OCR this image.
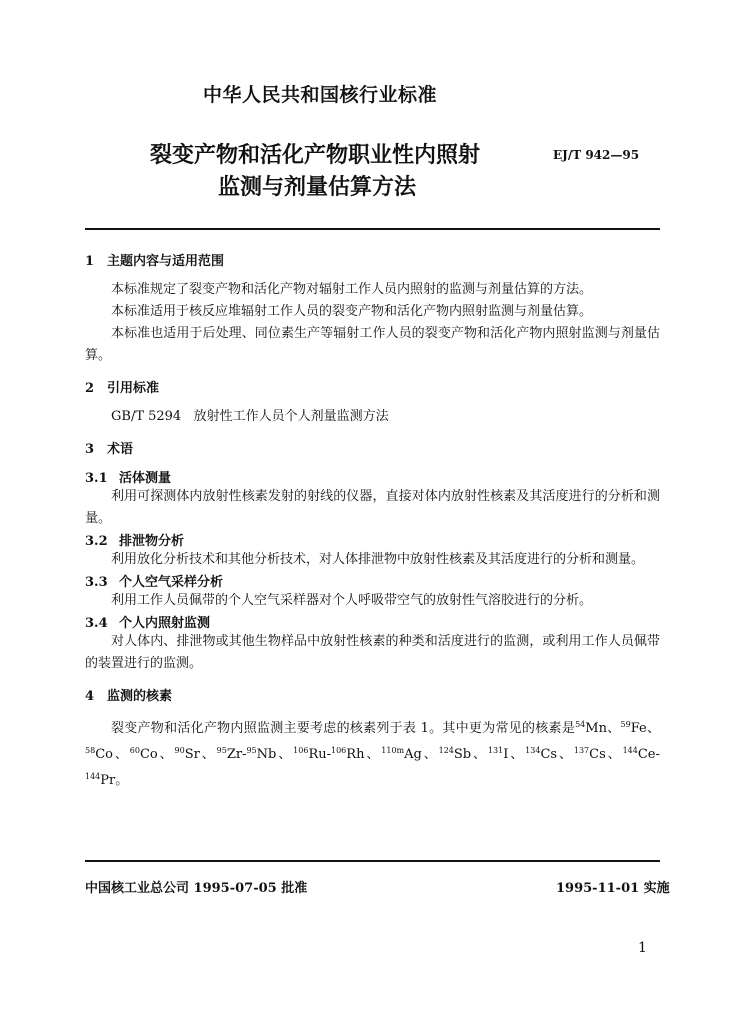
中华人民共和国核行业标准
裂变产物和活化产物职业性内照射
监测与剂量估算方法
EJ/T 942—95

1 主题内容与适用范围

本标准规定了裂变产物和活化产物对辐射工作人员内照射的监测与剂量估算的方法。

本标准适用于核反应堆辐射工作人员的裂变产物和活化产物内照射监测与剂量估算。

本标准也适用于后处理、同位素生产等辐射工作人员的裂变产物和活化产物内照射监测与剂量估算。

2 引用标准

GB/T 5294 放射性工作人员个人剂量监测方法

3 术语

3.1 活体测量

利用可探测体内放射性核素发射的射线的仪器，直接对体内放射性核素及其活度进行的分析和测量。

3.2 排泄物分析

利用放化分析技术和其他分析技术，对人体排泄物中放射性核素及其活度进行的分析和测量。

3.3 个人空气采样分析

利用工作人员佩带的个人空气采样器对个人呼吸带空气的放射性气溶胶进行的分析。

3.4 个人内照射监测

对人体内、排泄物或其他生物样品中放射性核素的种类和活度进行的监测，或利用工作人员佩带的装置进行的监测。

4 监测的核素

裂变产物和活化产物内照监测主要考虑的核素列于表 1。其中更为常见的核素是$^{54}$Mn、$^{59}$Fe、$^{58}$Co、$^{60}$Co、$^{90}$Sr、$^{95}$Zr-$^{95}$Nb、$^{106}$Ru-$^{106}$Rh、$^{110m}$Ag、$^{124}$Sb、$^{131}$I、$^{134}$Cs、$^{137}$Cs、$^{144}$Ce-$^{144}$Pr。

中国核工业总公司 1995-07-05 批准	1995-11-01 实施
1
